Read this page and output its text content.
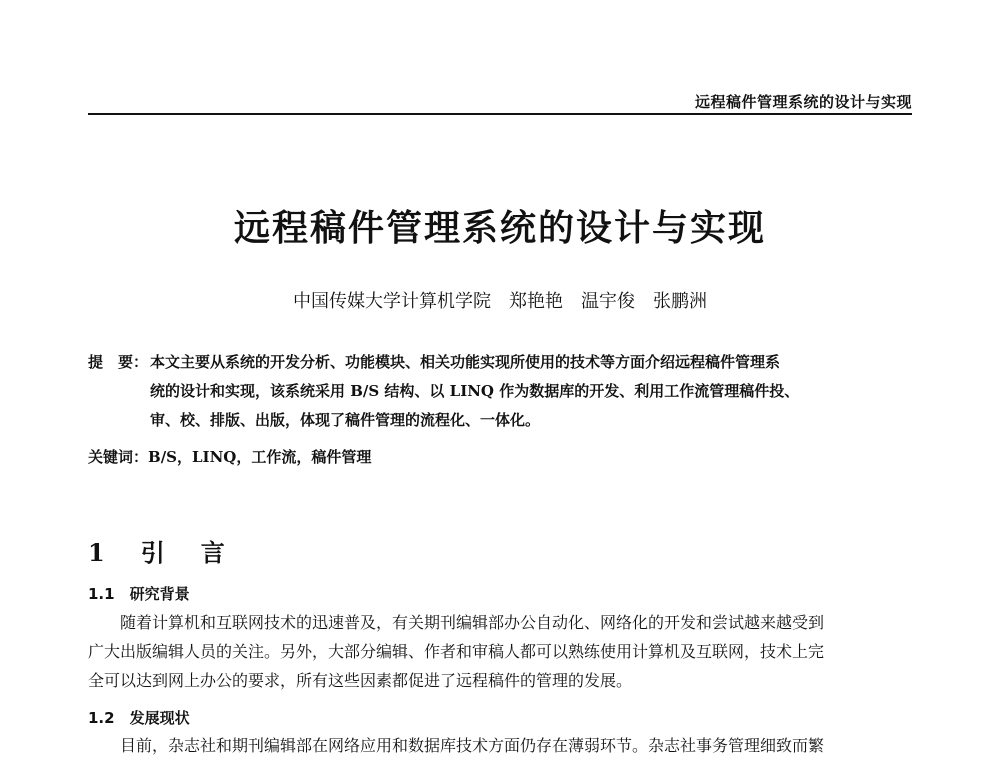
远程稿件管理系统的设计与实现
远程稿件管理系统的设计与实现
中国传媒大学计算机学院　郑艳艳　温宇俊　张鹏洲
提　要： 本文主要从系统的开发分析、功能模块、相关功能实现所使用的技术等方面介绍远程稿件管理系
统的设计和实现，该系统采用 B/S 结构、以 LINQ 作为数据库的开发、利用工作流管理稿件投、
审、校、排版、出版，体现了稿件管理的流程化、一体化。
关键词：B/S，LINQ，工作流，稿件管理
1　引　言
1.1　研究背景

随着计算机和互联网技术的迅速普及，有关期刊编辑部办公自动化、网络化的开发和尝试越来越受到

广大出版编辑人员的关注。另外，大部分编辑、作者和审稿人都可以熟练使用计算机及互联网，技术上完

全可以达到网上办公的要求，所有这些因素都促进了远程稿件的管理的发展。

1.2　发展现状

目前，杂志社和期刊编辑部在网络应用和数据库技术方面仍存在薄弱环节。杂志社事务管理细致而繁
